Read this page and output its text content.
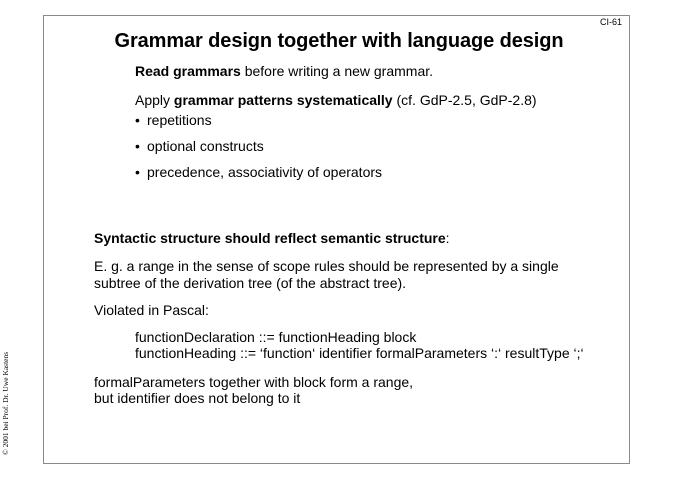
CI-61
Grammar design together with language design
© 2001 bei Prof. Dr. Uwe Kastens
Read grammars before writing a new grammar.
Apply grammar patterns systematically (cf. GdP-2.5, GdP-2.8)
• repetitions
• optional constructs
• precedence, associativity of operators
Syntactic structure should reflect semantic structure:
E. g. a range in the sense of scope rules should be represented by a single
subtree of the derivation tree (of the abstract tree).
Violated in Pascal:
functionDeclaration ::= functionHeading block
functionHeading ::= ‘function‘ identifier formalParameters ‘:‘ resultType ‘;‘
formalParameters together with block form a range,
but identifier does not belong to it
